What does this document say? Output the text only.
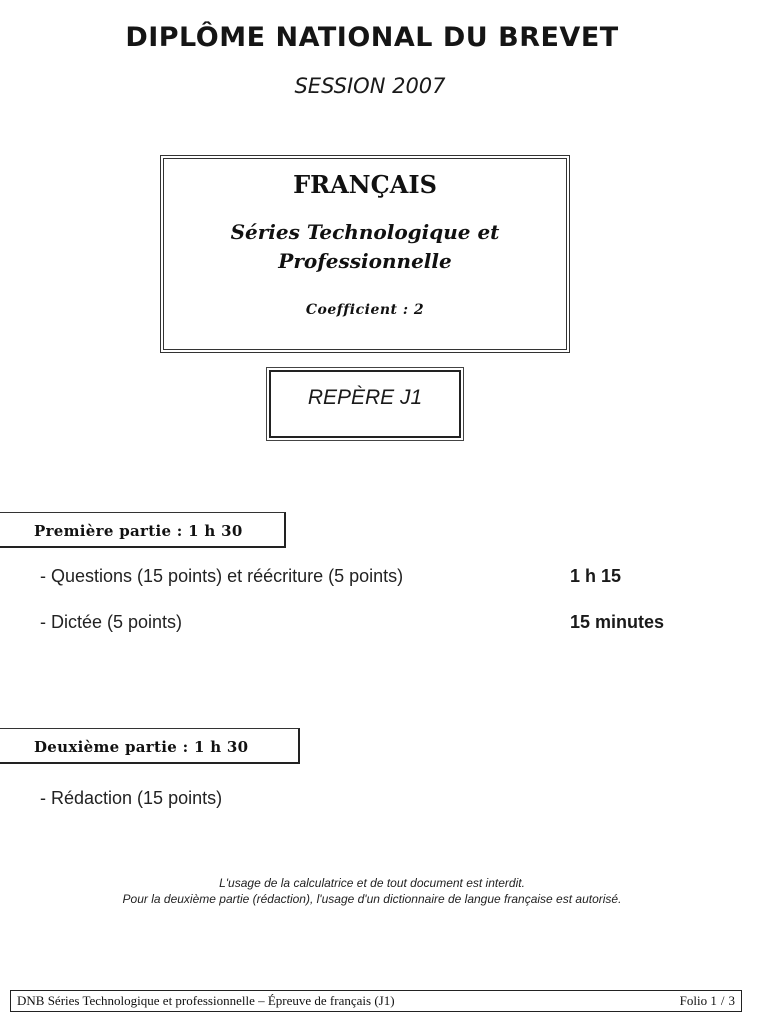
DIPLÔME NATIONAL DU BREVET
SESSION 2007
FRANÇAIS
Séries Technologique et
Professionnelle
Coefficient : 2
REPÈRE J1
Première partie : 1 h 30
- Questions (15 points) et réécriture (5 points)	1 h 15
- Dictée (5 points)	15 minutes
Deuxième partie : 1 h 30
- Rédaction (15 points)
L'usage de la calculatrice et de tout document est interdit.
Pour la deuxième partie (rédaction), l'usage d'un dictionnaire de langue française est autorisé.
DNB Séries Technologique et professionnelle – Épreuve de français (J1)	Folio 1 / 3
